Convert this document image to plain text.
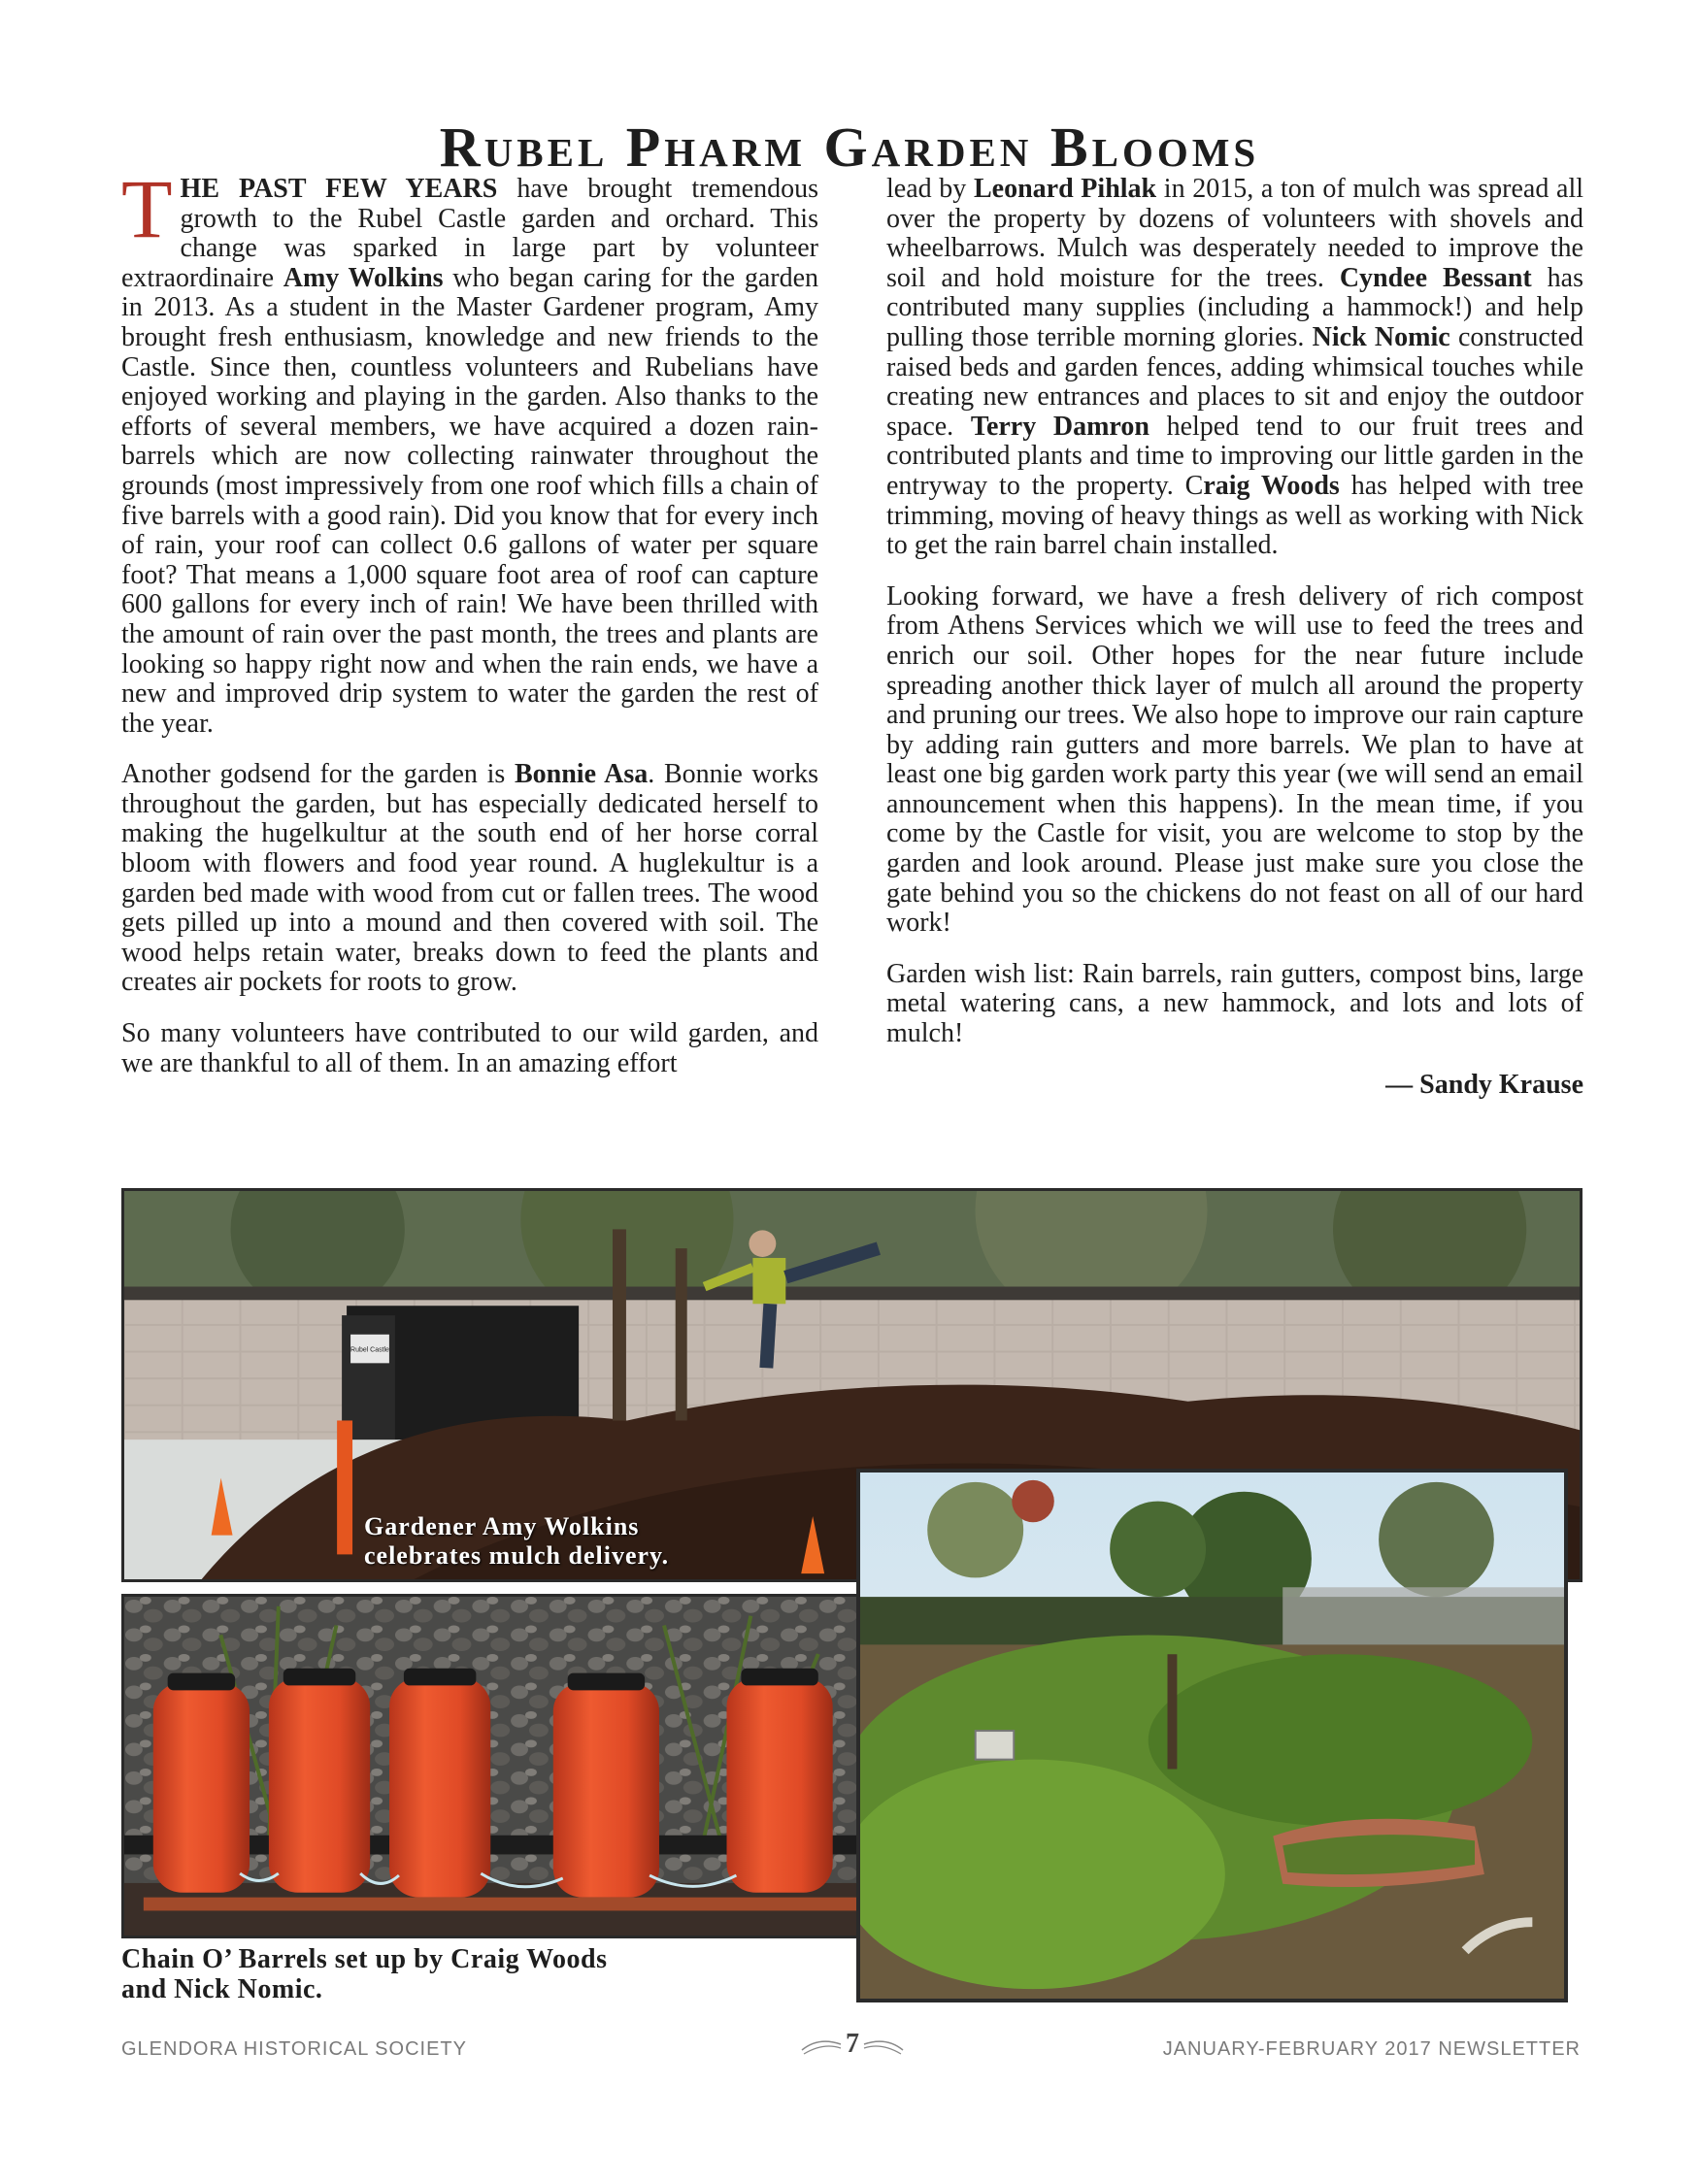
Rubel Pharm Garden Blooms

THE PAST FEW YEARS have brought tremendous growth to the Rubel Castle garden and orchard. This change was sparked in large part by volunteer extraordinaire Amy Wolkins who began caring for the garden in 2013. As a student in the Master Gardener program, Amy brought fresh enthusiasm, knowledge and new friends to the Castle. Since then, countless volunteers and Rubelians have enjoyed working and playing in the garden. Also thanks to the efforts of several members, we have acquired a dozen rain-barrels which are now collecting rainwater throughout the grounds (most impressively from one roof which fills a chain of five barrels with a good rain). Did you know that for every inch of rain, your roof can collect 0.6 gallons of water per square foot? That means a 1,000 square foot area of roof can capture 600 gallons for every inch of rain! We have been thrilled with the amount of rain over the past month, the trees and plants are looking so happy right now and when the rain ends, we have a new and improved drip system to water the garden the rest of the year.

Another godsend for the garden is Bonnie Asa. Bonnie works throughout the garden, but has especially dedicated herself to making the hugelkultur at the south end of her horse corral bloom with flowers and food year round. A huglekultur is a garden bed made with wood from cut or fallen trees. The wood gets pilled up into a mound and then covered with soil. The wood helps retain water, breaks down to feed the plants and creates air pockets for roots to grow.

So many volunteers have contributed to our wild garden, and we are thankful to all of them. In an amazing effort

lead by Leonard Pihlak in 2015, a ton of mulch was spread all over the property by dozens of volunteers with shovels and wheelbarrows. Mulch was desperately needed to improve the soil and hold moisture for the trees. Cyndee Bessant has contributed many supplies (including a hammock!) and help pulling those terrible morning glories. Nick Nomic constructed raised beds and garden fences, adding whimsical touches while creating new entrances and places to sit and enjoy the outdoor space. Terry Damron helped tend to our fruit trees and contributed plants and time to improving our little garden in the entryway to the property. Craig Woods has helped with tree trimming, moving of heavy things as well as working with Nick to get the rain barrel chain installed.

Looking forward, we have a fresh delivery of rich compost from Athens Services which we will use to feed the trees and enrich our soil. Other hopes for the near future include spreading another thick layer of mulch all around the property and pruning our trees. We also hope to improve our rain capture by adding rain gutters and more barrels. We plan to have at least one big garden work party this year (we will send an email announcement when this happens). In the mean time, if you come by the Castle for visit, you are welcome to stop by the garden and look around. Please just make sure you close the gate behind you so the chickens do not feast on all of our hard work!

Garden wish list: Rain barrels, rain gutters, compost bins, large metal watering cans, a new hammock, and lots and lots of mulch!

— Sandy Krause

Rubel Castle
Gardener Amy Wolkins
celebrates mulch delivery.
Chain O’ Barrels set up by Craig Woods
and Nick Nomic.
GLENDORA HISTORICAL SOCIETY	7	JANUARY-FEBRUARY 2017 NEWSLETTER
